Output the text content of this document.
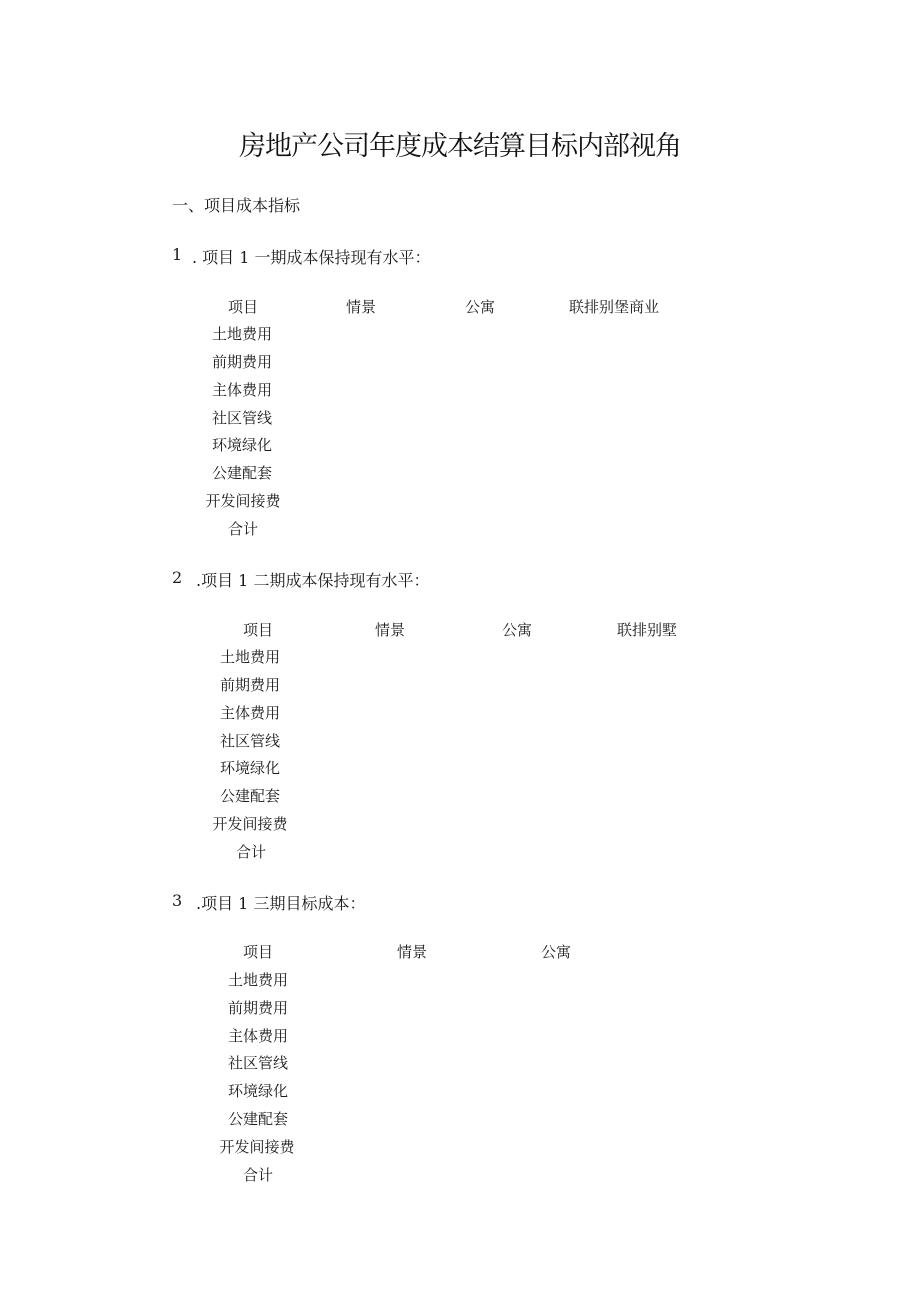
房地产公司年度成本结算目标内部视角
一、项目成本指标
1 . 项目 1 一期成本保持现有水平：
项目	情景	公寓	联排别堡商业
土地费用
前期费用
主体费用
社区管线
环境绿化
公建配套
开发间接费
合计
2 .项目 1 二期成本保持现有水平：
项目	情景	公寓	联排别墅
土地费用
前期费用
主体费用
社区管线
环境绿化
公建配套
开发间接费
合计
3 .项目 1 三期目标成本：
项目	情景	公寓
土地费用
前期费用
主体费用
社区管线
环境绿化
公建配套
开发间接费
合计
